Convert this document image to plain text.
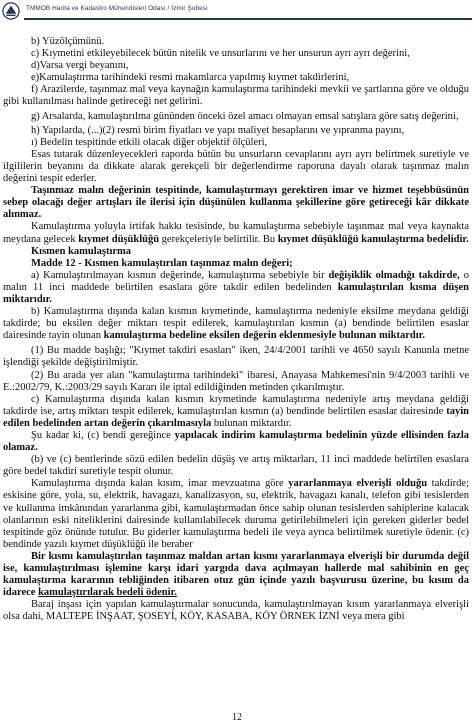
TMMOB Harita ve Kadastro Mühendisleri Odası / İzmir Şubesi

b) Yüzölçümünü.

c) Kıymetini etkileyebilecek bütün nitelik ve unsurlarını ve her unsurun ayrı ayrı değerini,

d)Varsa vergi beyanını,

e)Kamulaştırma tarihindeki resmi makamlarca yapılmış kıymet takdirlerini,

f) Arazilerde, taşınmaz mal veya kaynağın kamulaştırma tarihindeki mevkii ve şartlarına göre ve olduğu gibi kullanılması halinde getireceği net gelirini.

g) Arsalarda, kamulaştırılma gününden önceki özel amacı olmayan emsal satışlara göre satış değerini,

h) Yapılarda, (...)(2) resmi birim fiyatları ve yapı maliyet hesaplarını ve yıpranma payını,

ı) Bedelin tespitinde etkili olacak diğer objektif ölçüleri,

Esas tutarak düzenleyecekleri raporda bütün bu unsurların cevaplarını ayrı ayrı belirtmek suretiyle ve ilgililerin beyanını da dikkate alarak gerekçeli bir değerlendirme raporuna dayalı olarak taşınmaz malın değerini tespit ederler.

Taşınmaz malın değerinin tespitinde, kamulaştırmayı gerektiren imar ve hizmet teşebbüsünün sebep olacağı değer artışları ile ilerisi için düşünülen kullanma şekillerine göre getireceği kâr dikkate alınmaz.

Kamulaştırma yoluyla irtifak hakkı tesisinde, bu kamulaştırma sebebiyle taşınmaz mal veya kaynakta meydana gelecek kıymet düşüklüğü gerekçeleriyle belirtilir. Bu kıymet düşüklüğü kamulaştırma bedelidir.

Kısmen kamulaştırma

Madde 12 - Kısmen kamulaştırılan taşınmaz malın değeri;

a) Kamulaştırılmayan kısmın değerinde, kamulaştırma sebebiyle bir değişiklik olmadığı takdirde, o malın 11 inci maddede belirtilen esaslara göre takdir edilen bedelinden kamulaştırılan kısma düşen miktarıdır.

b) Kamulaştırma dışında kalan kısmın kıymetinde, kamulaştırma nedeniyle eksilme meydana geldiği takdirde; bu eksilen değer miktarı tespit edilerek, kamulaştırılan kısmın (a) bendinde belirtilen esaslar dairesinde tayin olunan kamulaştırma bedeline eksilen değerin eklenmesiyle bulunan miktardır.

(1) Bu madde başlığı; "Kıymet takdiri esasları" iken, 24/4/2001 tarihli ve 4650 sayılı Kanunla metne işlendiği şekilde değiştirilmiştir.

(2) Bu arada yer alan "kamulaştırma tarihindeki" ibaresi, Anayasa Mahkemesi'nin 9/4/2003 tarihli ve E.:2002/79, K.:2003/29 sayılı Kararı ile iptal edildiğinden metinden çıkarılmıştır.

c) Kamulaştırma dışında kalan kısmın kıymetinde kamulaştırma nedeniyle artış meydana geldiği takdirde ise, artış miktarı tespit edilerek, kamulaştırılan kısmın (a) bendinde belirtilen esaslar dairesinde tayin edilen bedelinden artan değerin çıkarılmasıyla bulunan miktardır.

Şu kadar ki, (c) bendi gereğince yapılacak indirim kamulaştırma bedelinin yüzde ellisinden fazla olamaz.

(b) ve (c) bentlerinde sözü edilen bedelin düşüş ve artış miktarları, 11 inci maddede belirtilen esaslara göre bedel takdiri suretiyle tespit olunur.

Kamulaştırma dışında kalan kısım, imar mevzuatına göre yararlanmaya elverişli olduğu takdirde; eskisine göre, yola, su, elektrik, havagazı, kanalizasyon, su, elektrik, havagazı kanalı, telefon gibi tesislerden ve kullanma imkânından yararlanma gibi, kamulaştırmadan önce sahip olunan tesislerden sahiplerine kalacak olanlarının eski niteliklerini dairesinde kullanılabilecek duruma getirilebilmeleri için gereken giderler bedel tespitinde göz önünde tutulur. Bu giderler kamulaştırma bedeli ile veya ayrıca belirtilmek suretiyle ödenir. (c) bendinde yazılı kıymet düşüklüğü ile beraber

Bir kısmı kamulaştırılan taşınmaz maldan artan kısmı yararlanmaya elverişli bir durumda değil ise, kamulaştırılması işlemine karşı idari yargıda dava açılmayan hallerde mal sahibinin en geç kamulaştırma kararının tebliğinden itibaren otuz gün içinde yazılı başvurusu üzerine, bu kısım da idarece kamulaştırılarak bedeli ödenir.

Baraj inşası için yapılan kamulaştırmalar sonucunda, kamulaştırılmayan kısım yararlanmaya elverişli olsa dahi, MALTEPE İNŞAAT, ŞOSEYİ, KÖY, KASABA, KÖY ÖRNEK İZNİ veya mera gibi

12
